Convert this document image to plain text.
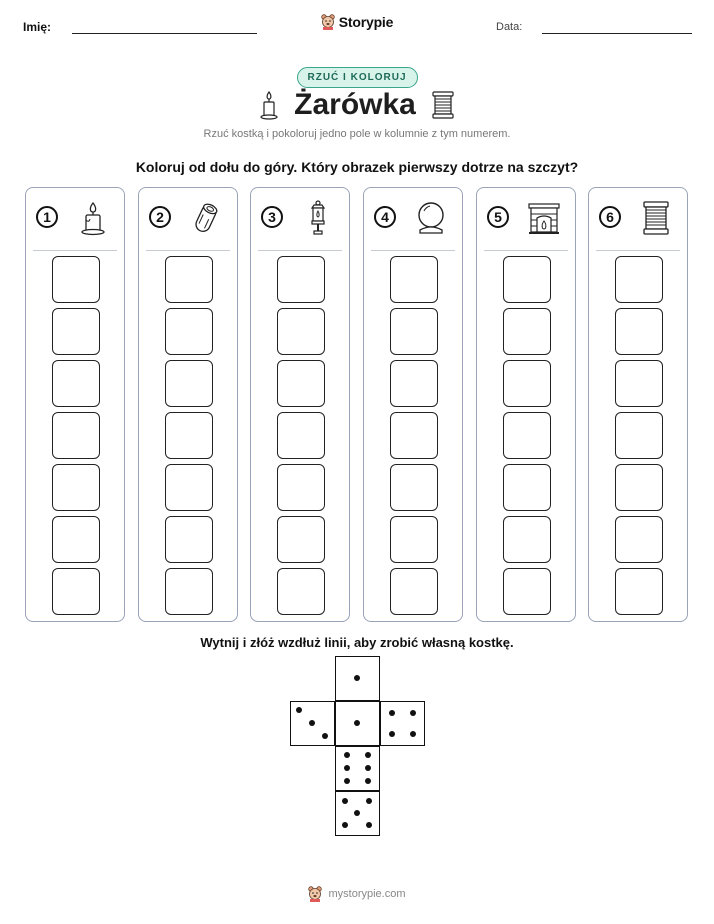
Imię:	Storypie	Data:
RZUĆ I KOLORUJ
Żarówka
Rzuć kostką i pokoloruj jedno pole w kolumnie z tym numerem.
Koloruj od dołu do góry. Który obrazek pierwszy dotrze na szczyt?
1	2	3	4	5	6
Wytnij i złóż wzdłuż linii, aby zrobić własną kostkę.
mystorypie.com
